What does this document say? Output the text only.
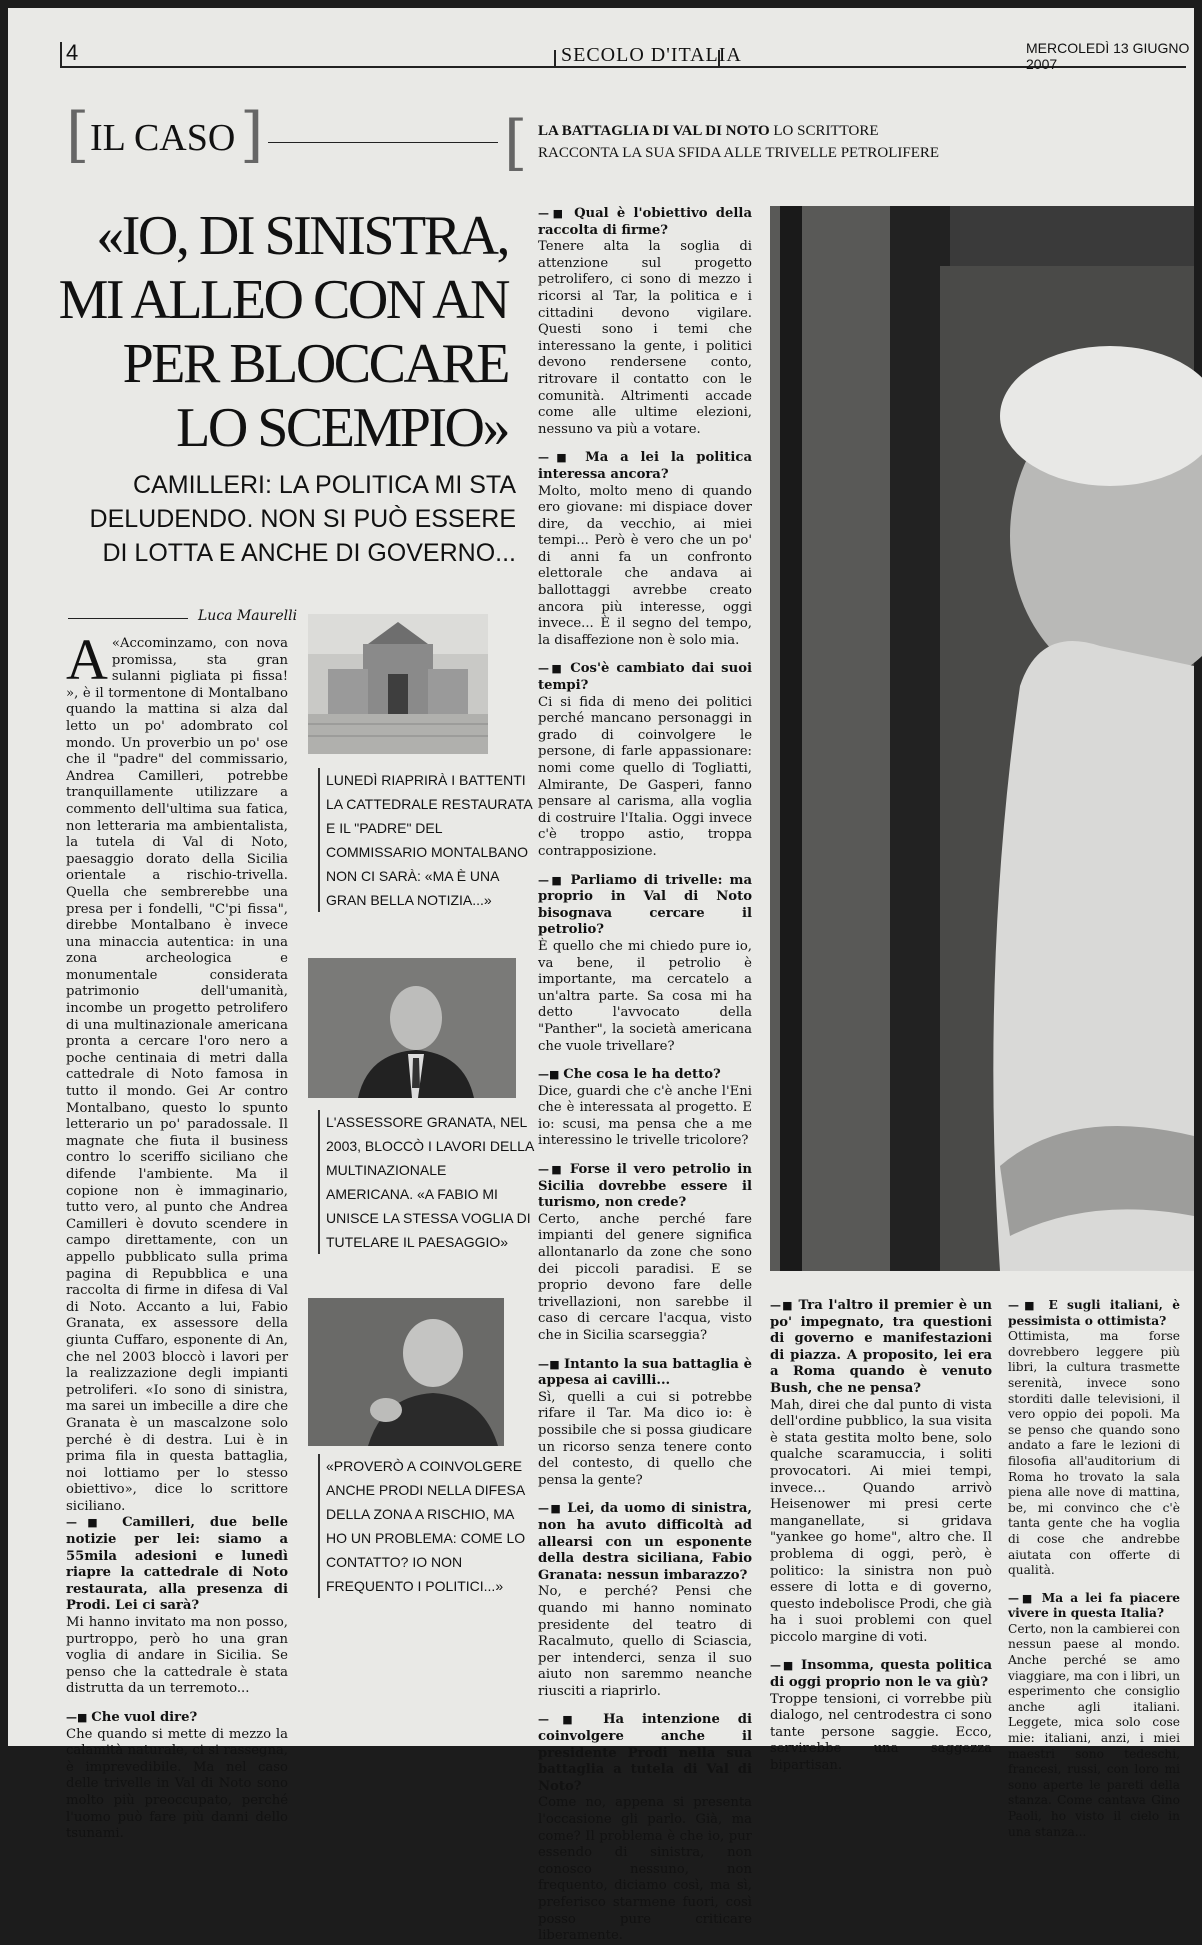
4	SECOLO D'ITALIA	MERCOLEDÌ 13 GIUGNO 2007
[ IL CASO ]	[ LA BATTAGLIA DI VAL DI NOTO LO SCRITTORE
RACCONTA LA SUA SFIDA ALLE TRIVELLE PETROLIFERE
«IO, DI SINISTRA, MI ALLEO CON AN PER BLOCCARE LO SCEMPIO»
CAMILLERI: LA POLITICA MI STA DELUDENDO. NON SI PUÒ ESSERE DI LOTTA E ANCHE DI GOVERNO...
Luca Maurelli

A «Accominzamo, con nova promissa, sta gran sulanni pigliata pi fissa! », è il tormentone di Montalbano quando la mattina si alza dal letto un po' adombrato col mondo. Un proverbio un po' ose che il "padre" del commissario, Andrea Camilleri, potrebbe tranquillamente utilizzare a commento dell'ultima sua fatica, non letteraria ma ambientalista, la tutela di Val di Noto, paesaggio dorato della Sicilia orientale a rischio-trivella. Quella che sembrerebbe una presa per i fondelli, "C'pi fissa", direbbe Montalbano è invece una minaccia autentica: in una zona archeologica e monumentale considerata patrimonio dell'umanità, incombe un progetto petrolifero di una multinazionale americana pronta a cercare l'oro nero a poche centinaia di metri dalla cattedrale di Noto famosa in tutto il mondo. Gei Ar contro Montalbano, questo lo spunto letterario un po' paradossale. Il magnate che fiuta il business contro lo sceriffo siciliano che difende l'ambiente. Ma il copione non è immaginario, tutto vero, al punto che Andrea Camilleri è dovuto scendere in campo direttamente, con un appello pubblicato sulla prima pagina di Repubblica e una raccolta di firme in difesa di Val di Noto. Accanto a lui, Fabio Granata, ex assessore della giunta Cuffaro, esponente di An, che nel 2003 bloccò i lavori per la realizzazione degli impianti petroliferi. «Io sono di sinistra, ma sarei un imbecille a dire che Granata è un mascalzone solo perché è di destra. Lui è in prima fila in questa battaglia, noi lottiamo per lo stesso obiettivo», dice lo scrittore siciliano.

—■ Camilleri, due belle notizie per lei: siamo a 55mila adesioni e lunedì riapre la cattedrale di Noto restaurata, alla presenza di Prodi. Lei ci sarà?

Mi hanno invitato ma non posso, purtroppo, però ho una gran voglia di andare in Sicilia. Se penso che la cattedrale è stata distrutta da un terremoto...

—■ Che vuol dire?

Che quando si mette di mezzo la calamità naturale, ci si rassegna, è imprevedibile. Ma nel caso delle trivelle in Val di Noto sono molto più preoccupato, perché l'uomo può fare più danni dello tsunami.

LUNEDÌ RIAPRIRÀ I BATTENTI LA CATTEDRALE RESTAURATA E IL "PADRE" DEL COMMISSARIO MONTALBANO NON CI SARÀ: «MA È UNA GRAN BELLA NOTIZIA...»
L'ASSESSORE GRANATA, NEL 2003, BLOCCÒ I LAVORI DELLA MULTINAZIONALE AMERICANA. «A FABIO MI UNISCE LA STESSA VOGLIA DI TUTELARE IL PAESAGGIO»
«PROVERÒ A COINVOLGERE ANCHE PRODI NELLA DIFESA DELLA ZONA A RISCHIO, MA HO UN PROBLEMA: COME LO CONTATTO? IO NON FREQUENTO I POLITICI...»

—■ Qual è l'obiettivo della raccolta di firme?

Tenere alta la soglia di attenzione sul progetto petrolifero, ci sono di mezzo i ricorsi al Tar, la politica e i cittadini devono vigilare. Questi sono i temi che interessano la gente, i politici devono rendersene conto, ritrovare il contatto con le comunità. Altrimenti accade come alle ultime elezioni, nessuno va più a votare.

—■ Ma a lei la politica interessa ancora?

Molto, molto meno di quando ero giovane: mi dispiace dover dire, da vecchio, ai miei tempi... Però è vero che un po' di anni fa un confronto elettorale che andava ai ballottaggi avrebbe creato ancora più interesse, oggi invece... È il segno del tempo, la disaffezione non è solo mia.

—■ Cos'è cambiato dai suoi tempi?

Ci si fida di meno dei politici perché mancano personaggi in grado di coinvolgere le persone, di farle appassionare: nomi come quello di Togliatti, Almirante, De Gasperi, fanno pensare al carisma, alla voglia di costruire l'Italia. Oggi invece c'è troppo astio, troppa contrapposizione.

—■ Parliamo di trivelle: ma proprio in Val di Noto bisognava cercare il petrolio?

È quello che mi chiedo pure io, va bene, il petrolio è importante, ma cercatelo a un'altra parte. Sa cosa mi ha detto l'avvocato della "Panther", la società americana che vuole trivellare?

—■ Che cosa le ha detto?

Dice, guardi che c'è anche l'Eni che è interessata al progetto. E io: scusi, ma pensa che a me interessino le trivelle tricolore?

—■ Forse il vero petrolio in Sicilia dovrebbe essere il turismo, non crede?

Certo, anche perché fare impianti del genere significa allontanarlo da zone che sono dei piccoli paradisi. E se proprio devono fare delle trivellazioni, non sarebbe il caso di cercare l'acqua, visto che in Sicilia scarseggia?

—■ Intanto la sua battaglia è appesa ai cavilli...

Sì, quelli a cui si potrebbe rifare il Tar. Ma dico io: è possibile che si possa giudicare un ricorso senza tenere conto del contesto, di quello che pensa la gente?

—■ Lei, da uomo di sinistra, non ha avuto difficoltà ad allearsi con un esponente della destra siciliana, Fabio Granata: nessun imbarazzo?

No, e perché? Pensi che quando mi hanno nominato presidente del teatro di Racalmuto, quello di Sciascia, per intenderci, senza il suo aiuto non saremmo neanche riusciti a riaprirlo.

—■ Ha intenzione di coinvolgere anche il presidente Prodi nella sua battaglia a tutela di Val di Noto?

Come no, appena si presenta l'occasione gli parlo. Già, ma come? Il problema è che io, pur essendo di sinistra, non conosco nessuno, non frequento, diciamo così, ma sì, preferisco starmene fuori, così posso pure criticare liberamente.

—■ Tra l'altro il premier è un po' impegnato, tra questioni di governo e manifestazioni di piazza. A proposito, lei era a Roma quando è venuto Bush, che ne pensa?

Mah, direi che dal punto di vista dell'ordine pubblico, la sua visita è stata gestita molto bene, solo qualche scaramuccia, i soliti provocatori. Ai miei tempi, invece... Quando arrivò Heisenower mi presi certe manganellate, si gridava "yankee go home", altro che. Il problema di oggi, però, è politico: la sinistra non può essere di lotta e di governo, questo indebolisce Prodi, che già ha i suoi problemi con quel piccolo margine di voti.

—■ Insomma, questa politica di oggi proprio non le va giù?

Troppe tensioni, ci vorrebbe più dialogo, nel centrodestra ci sono tante persone saggie. Ecco, servirebbe una saggezza bipartisan.

—■ E sugli italiani, è pessimista o ottimista?

Ottimista, ma forse dovrebbero leggere più libri, la cultura trasmette serenità, invece sono storditi dalle televisioni, il vero oppio dei popoli. Ma se penso che quando sono andato a fare le lezioni di filosofia all'auditorium di Roma ho trovato la sala piena alle nove di mattina, be, mi convinco che c'è tanta gente che ha voglia di cose che andrebbe aiutata con offerte di qualità.

—■ Ma a lei fa piacere vivere in questa Italia?

Certo, non la cambierei con nessun paese al mondo. Anche perché se amo viaggiare, ma con i libri, un esperimento che consiglio anche agli italiani. Leggete, mica solo cose mie: italiani, anzi, i miei maestri sono tedeschi, francesi, russi, con loro mi sono aperte le pareti della stanza. Come cantava Gino Paoli, ho visto il cielo in una stanza...
